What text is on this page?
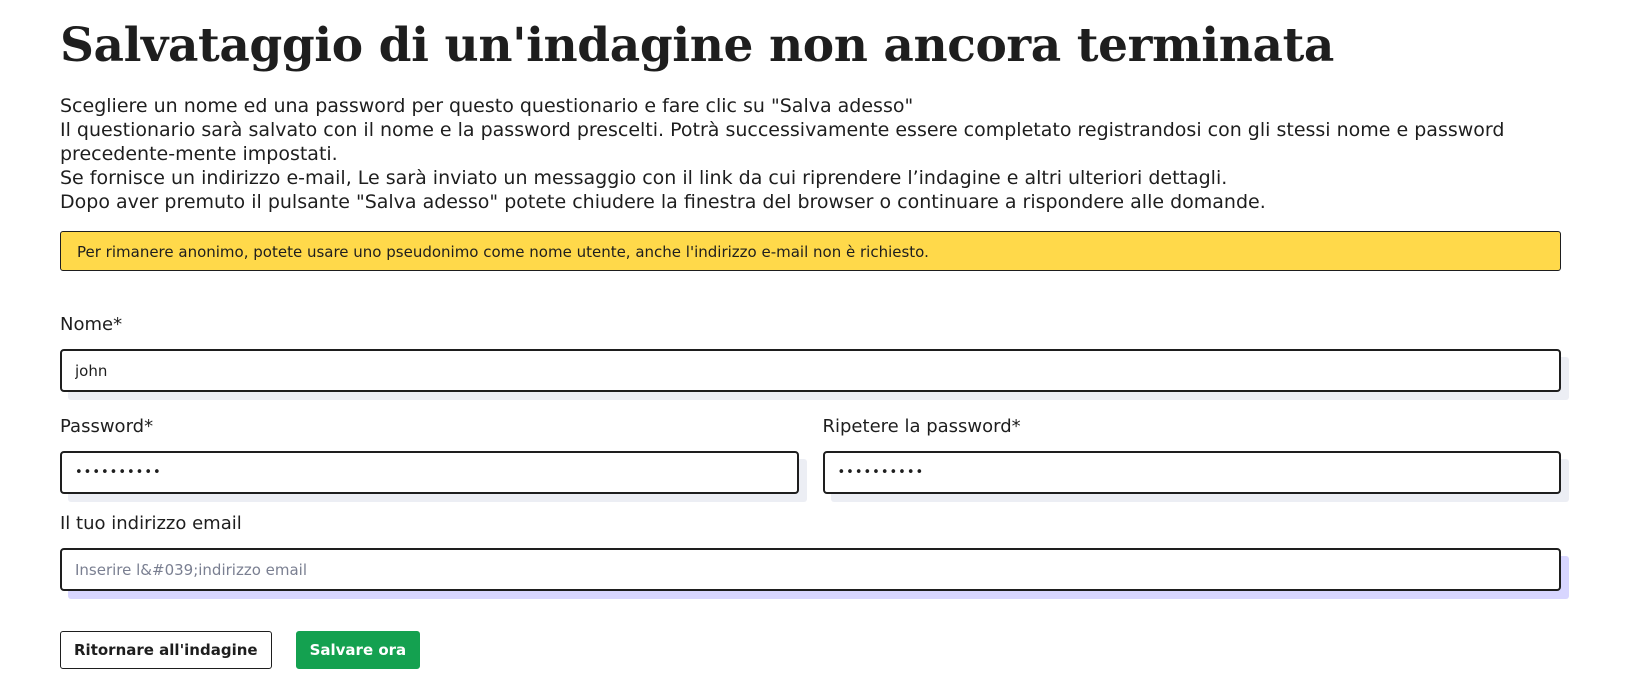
Salvataggio di un'indagine non ancora terminata

Scegliere un nome ed una password per questo questionario e fare clic su "Salva adesso"

Il questionario sarà salvato con il nome e la password prescelti. Potrà successivamente essere completato registrandosi con gli stessi nome e password precedente-mente impostati.

Se fornisce un indirizzo e-mail, Le sarà inviato un messaggio con il link da cui riprendere l’indagine e altri ulteriori dettagli.

Dopo aver premuto il pulsante "Salva adesso" potete chiudere la finestra del browser o continuare a rispondere alle domande.

Per rimanere anonimo, potete usare uno pseudonimo come nome utente, anche l'indirizzo e-mail non è richiesto.
Nome*
john
Password*
••••••••••	Ripetere la password*
••••••••••
Il tuo indirizzo email
Inserire l&#039;indirizzo email
Ritornare all'indagine	Salvare ora
